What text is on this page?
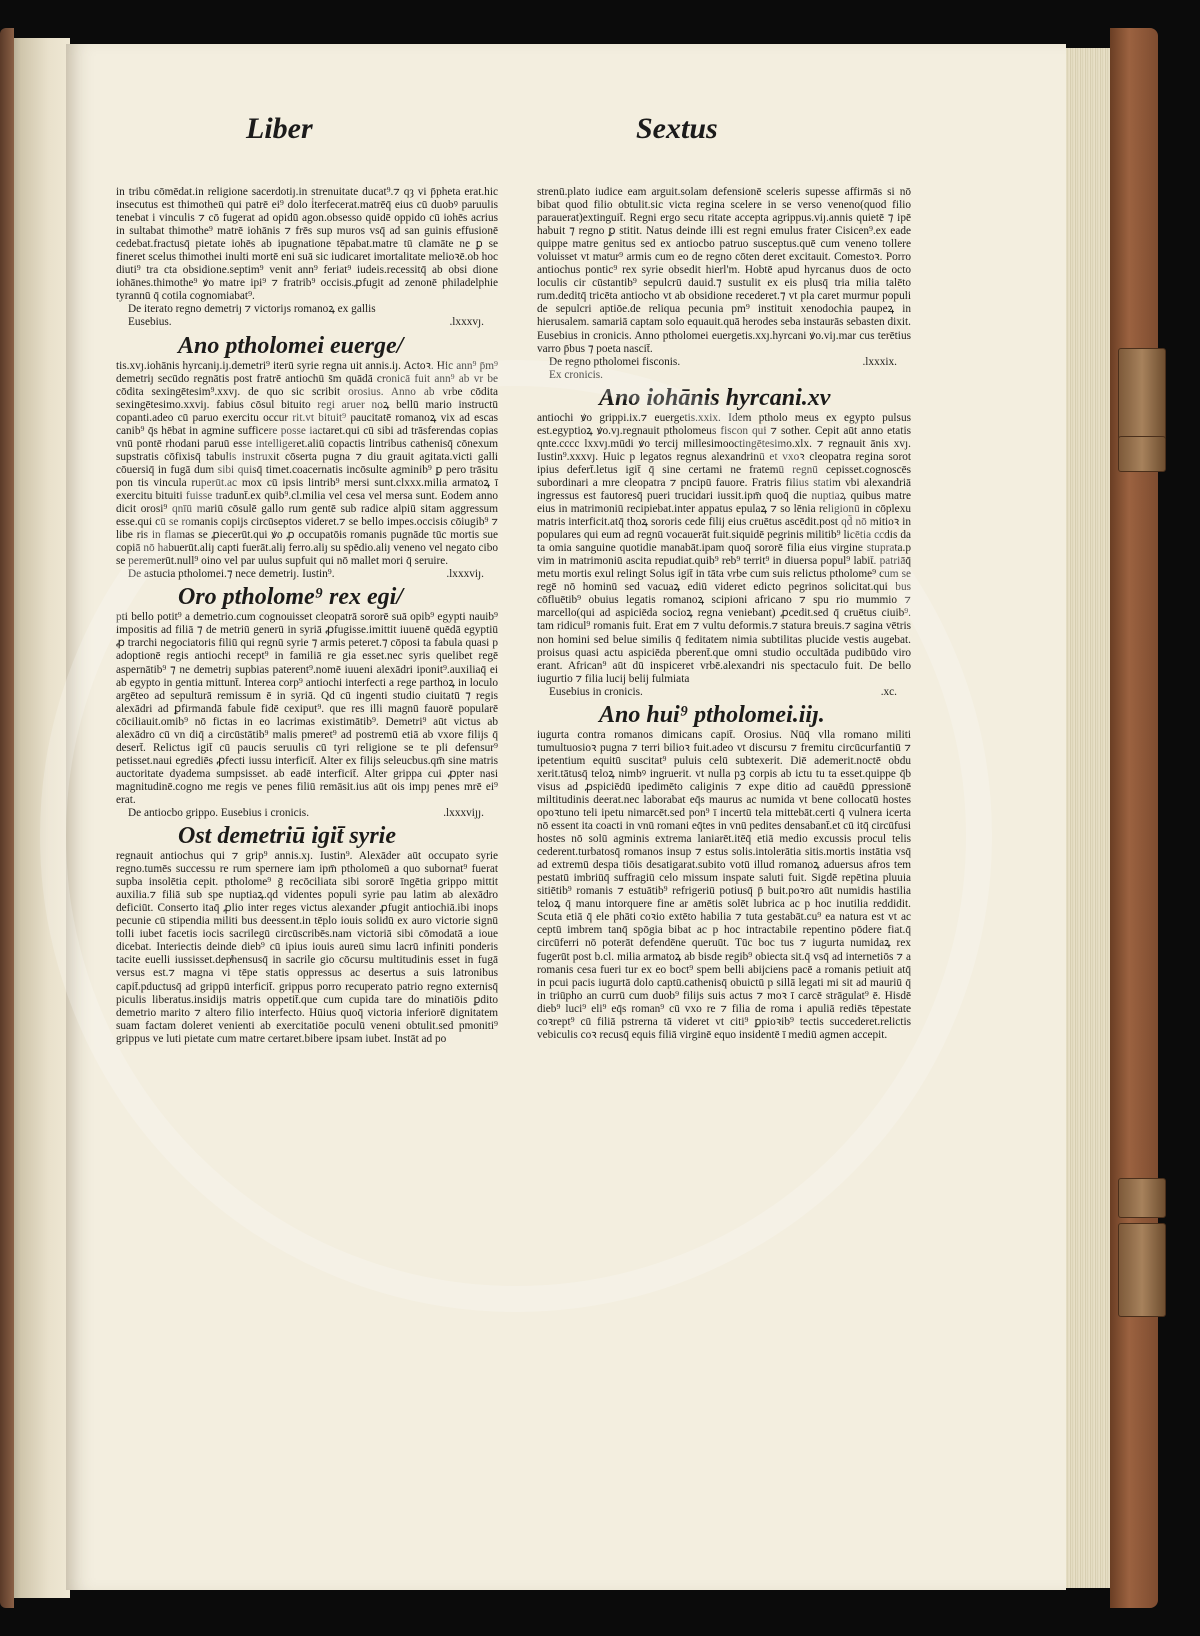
Liber	Sextus

in tribu cōmēdat.in religione sacerdotiȷ.in strenuitate ducat⁹.⁊ qȝ vi p̄pheta erat.hic insecutus est thimotheū qui patrē ei⁹ dolo i̇terfecerat.matrēq̄ eius cū duobꝰ paruulis tenebat i vinculis ⁊ cō fugerat ad opidū agon.obsesso quidē oppido cū iohēs acrius in sultabat thimothe⁹ matrē iohānis ⁊ frēs sup muros vsq̄ ad san guinis effusionē cedebat.fractusq̄ pietate iohēs ab ipugnatione tēpabat.matre tū clamāte ne ꝑ se fineret scelus thimothei inulti mortē eni suā sic iudicaret imortalitate melioꝛē.ob hoc diuti⁹ tra cta obsidione.septim⁹ venit ann⁹ feriat⁹ iudeis.recessitq̄ ab obsi dione iohānes.thimothe⁹ ꝟo matre ipi⁹ ⁊ fratrib⁹ occisis.ꝓfugit ad zenonē philadelphie tyrannū q̄ cotila cognomiabat⁹.

De iterato regno demetriȷ ⁊ victoriȷs romanoꝝ ex gallis
Eusebius.	.lxxxvȷ.
Ano ptholomei euerge/

tis.xvȷ.iohānis hyrcaniȷ.iȷ.demetri⁹ iterū syrie regna uit annis.iȷ. Actoꝛ. Hic ann⁹ p̄m⁹ demetriȷ secūdo regnātis post fratrē antiochū s̄m quādā cronicā fuit ann⁹ ab vr be cōdita sexingētesim⁹.xxvȷ. de quo sic scribit orosius. Anno ab vrbe cōdita sexingētesimo.xxviȷ. fabius cōsul bituito regi aruer noꝝ bellū mario instructū copanti.adeo cū paruo exercitu occur rit.vt bituit⁹ paucitatē romanoꝝ vix ad escas canib⁹ q̄s hēbat in agmine sufficere posse iactaret.qui cū sibi ad trāsferendas copias vnū pontē rhodani paruū esse intelligeret.aliū copactis lintribus cathenisq̄ cōnexum supstratis cōfixisq̄ tabulis instruxit cōserta pugna ⁊ diu grauit agitata.victi galli cōuersiq̄ in fugā dum sibi quisq̄ timet.coacernatis incōsulte agminib⁹ ꝑ pero trāsitu pon tis vincula ruperūt.ac mox cū ipsis lintrib⁹ mersi sunt.clxxx.milia armatoꝝ ī exercitu bituiti fuisse tradunt̄.ex quib⁹.cl.milia vel cesa vel mersa sunt. Eodem anno dicit orosi⁹ qnīū mariū cōsulē gallo rum gentē sub radice alpiū sitam aggressum esse.qui cū se romanis copijs circūseptos videret.⁊ se bello impes.occisis cōiugib⁹ ⁊ libe ris in flamas se ꝓiecerūt.qui ꝟo ꝓ occupatōis romanis pugnāde tūc mortis sue copiā nō habuerūt.aliȷ capti fuerāt.aliȷ ferro.aliȷ su spēdio.aliȷ veneno vel negato cibo se peremerūt.null⁹ oino vel par uulus supfuit qui nō mallet mori q̄ seruire.

De astucia ptholomei.⁊ nece demetriȷ. Iustin⁹.	.lxxxviȷ.
Oro ptholome⁹ rex egi/

pti bello potit⁹ a demetrio.cum cognouisset cleopatrā sororē suā opib⁹ egypti nauib⁹ impositis ad filiā ⁊ de metriū generū in syriā ꝓfugisse.imittit iuuenē quēdā egyptiū ꝓ trarchi negociatoris filiū qui regnū syrie ⁊ armis peteret.⁊ cōposi ta fabula quasi p adoptionē regis antiochi recept⁹ in familiā re gia esset.nec syris quelibet regē aspernātib⁹ ⁊ ne demetriȷ supbias paterent⁹.nomē iuueni alexādri iponit⁹.auxiliaq̄ ei ab egypto in gentia mittunt̄. Interea corp⁹ antiochi interfecti a rege parthoꝝ in loculo argēteo ad sepulturā remissum ē in syriā. Qd cū ingenti studio ciuitatū ⁊ regis alexādri ad ꝑfirmandā fabule fidē cexiput⁹. que res illi magnū fauorē popularē cōciliauit.omib⁹ nō fictas in eo lacrimas existimātib⁹. Demetri⁹ aūt victus ab alexādro cū vn diq̄ a circūstātib⁹ malis pmeret⁹ ad postremū etiā ab vxore filijs q̄ desert̄. Relictus igit̄ cū paucis seruulis cū tyri religione se te pli defensur⁹ petisset.naui egrediēs ꝓfecti iussu interficit̄. Alter ex filijs seleucbus.qm̄ sine matris auctoritate dyadema sumpsisset. ab eadē interficit̄. Alter grippa cui ꝓpter nasi magnitudinē.cogno me regis ve penes filiū remāsit.ius aūt ois impȷ penes mrē ei⁹ erat.

De antiocbo grippo. Eusebius i cronicis.	.lxxxviȷȷ.
Ost demetriū igit̄ syrie

regnauit antiochus qui ⁊ grip⁹ annis.xȷ. Iustin⁹. Alexāder aūt occupato syrie regno.tumēs successu re rum spernere iam ipm̄ ptholomeū a quo subornat⁹ fuerat supba insolētia cepit. ptholome⁹ ḡ recōciliata sibi sororē īngētia grippo mittit auxilia.⁊ filiā sub spe nuptiaꝝ.qd videntes populi syrie pau latim ab alexādro deficiūt. Conserto itaq̄ ꝓlio inter reges victus alexander ꝓfugit antiochiā.ibi inops pecunie cū stipendia militi bus deessent.in tēplo iouis solidū ex auro victorie signū tolli iubet facetis iocis sacrilegū circūscribēs.nam victoriā sibi cōmodatā a ioue dicebat. Interiectis deinde dieb⁹ cū ipius iouis aureū simu lacrū infiniti ponderis tacite euelli iussisset.depͥhensusq̄ in sacrile gio cōcursu multitudinis esset in fugā versus est.⁊ magna vi tēpe statis oppressus ac desertus a suis latronibus capit̄.pductusq̄ ad grippū interficit̄. grippus porro recuperato patrio regno externisq̄ piculis liberatus.insidijs matris oppetit̄.que cum cupida tare do minatiōis ꝑdito demetrio marito ⁊ altero filio interfecto. Hūius quoq̄ victoria inferiorē dignitatem suam factam doleret venienti ab exercitatiōe poculū veneni obtulit.sed pmoniti⁹ grippus ve luti pietate cum matre certaret.bibere ipsam iubet. Instāt ad po

strenū.plato iudice eam arguit.solam defensionē sceleris supesse affirmās si nō bibat quod filio obtulit.sic victa regina scelere in se verso veneno(quod filio parauerat)extinguit̄. Regni ergo secu ritate accepta agrippus.viȷ.annis quietē ⁊ ipē habuit ⁊ regno ꝑ stitit. Natus deinde illi est regni emulus frater Cisicen⁹.ex eade quippe matre genitus sed ex antiocbo patruo susceptus.quē cum veneno tollere voluisset vt matur⁹ armis cum eo de regno cōten deret excitauit. Comestoꝛ. Porro antiochus pontic⁹ rex syrie obsedit hierl'm. Hobtē apud hyrcanus duos de octo loculis cir cūstantib⁹ sepulcrū dauid.⁊ sustulit ex eis plusq̄ tria milia talēto rum.deditq̄ tricēta antiocho vt ab obsidione recederet.⁊ vt pla caret murmur populi de sepulcri aptiōe.de reliqua pecunia pm⁹ instituit xenodochia paupeꝝ in hierusalem. samariā captam solo equauit.quā herodes seba instaurās sebasten dixit. Eusebius in cronicis. Anno ptholomei euergetis.xxȷ.hyrcani ꝟo.viȷ.mar cus terētius varro p̄bus ⁊ poeta nascit̄.

De regno ptholomei fisconis.	.lxxxix.
Ex cronicis.
Ano iohānis hyrcani.xv

antiochi ꝟo grippi.ix.⁊ euergetis.xxix. Idem ptholo meus ex egypto pulsus est.egyptioꝝ ꝟo.vȷ.regnauit ptholomeus fiscon qui ⁊ sother. Cepit aūt anno etatis qnte.cccc lxxvȷ.mūdi ꝟo tercij millesimooctingētesimo.xlx. ⁊ regnauit ānis xvȷ. Iustin⁹.xxxvȷ. Huic p legatos regnus alexandrinū et vxoꝛ cleopatra regina sorot ipius defert̄.letus igit̄ q̄ sine certami ne fratemū regnū cepisset.cognoscēs subordinari a mre cleopatra ⁊ pncipū fauore. Fratris filius statim vbi alexandriā ingressus est fautoresq̄ pueri trucidari iussit.ipm̄ quoq̄ die nuptiaꝝ quibus matre eius in matrimoniū recipiebat.inter appatus epulaꝝ ⁊ so lēnia religionū in cōplexu matris interficit.atq̄ thoꝝ sororis cede filij eius cruētus ascēdit.post qd̄ nō mitioꝛ in populares qui eum ad regnū vocauerāt fuit.siquidē pegrinis militib⁹ licētia ccdis da ta omia sanguine quotidie manabāt.ipam quoq̄ sororē filia eius virgine stuprata.p vim in matrimoniū ascita repudiat.quib⁹ reb⁹ territ⁹ in diuersa popul⁹ labit̄. patriāq̄ metu mortis exul relingt Solus igit̄ in tāta vrbe cum suis relictus ptholome⁹ cum se regē nō hominū sed vacuaꝝ ediū videret edicto pegrinos solicitat.qui bus cōfluētib⁹ obuius legatis romanoꝝ scipioni africano ⁊ spu rio mummio ⁊ marcello(qui ad aspiciēda socioꝝ regna veniebant) ꝓcedit.sed q̄ cruētus ciuib⁹. tam ridicul⁹ romanis fuit. Erat em ⁊ vultu deformis.⁊ statura breuis.⁊ sagina vētris non homini sed belue similis q̄ feditatem nimia subtilitas plucide vestis augebat. proisus quasi actu aspiciēda pberent̄.que omni studio occultāda pudibūdo viro erant. African⁹ aūt dū inspiceret vrbē.alexandri nis spectaculo fuit. De bello iugurtio ⁊ filia lucij belij fulmiata

Eusebius in cronicis.	.xc.
Ano hui⁹ ptholomei.iiȷ.

iugurta contra romanos dimicans capit̄. Orosius. Nūq̄ vlla romano militi tumultuosioꝛ pugna ⁊ terri bilioꝛ fuit.adeo vt discursu ⁊ fremitu circūcurfantiū ⁊ ipetentium equitū suscitat⁹ puluis celū subtexerit. Diē ademerit.noctē obdu xerit.tātusq̄ teloꝝ nimbꝰ ingruerit. vt nulla pꝫ corpis ab ictu tu ta esset.quippe q̄b visus ad ꝓspiciēdū ipedimēto caliginis ⁊ expe ditio ad cauēdū ꝑpressionē miltitudinis deerat.nec laborabat eq̄s maurus ac numida vt bene collocatū hostes opoꝛtuno teli ipetu nimarcēt.sed pon⁹ ī incertū tela mittebāt.certi q̄ vulnera icerta nō essent ita coacti in vnū romani eq̄tes in vnū pedites densabant̄.et cū itq̄ circūfusi hostes nō solū agminis extrema laniarēt.itēq̄ etiā medio excussis procul telis cederent.turbatosq̄ romanos insup ⁊ estus solis.intolerātia sitis.mortis instātia vsq̄ ad extremū despa tiōis desatigarat.subito votū illud romanoꝝ aduersus afros tem pestatū imbriūq̄ suffragiū celo missum inspate saluti fuit. Sigdē repētina pluuia sitiētib⁹ romanis ⁊ estuātib⁹ refrigeriū potiusq̄ p̄ buit.poꝛro aūt numidis hastilia teloꝝ q̄ manu intorquere fine ar amētis solēt lubrica ac p hoc inutilia reddidit. Scuta etiā q̄ ele phāti coꝛio extēto habilia ⁊ tuta gestabāt.cu⁹ ea natura est vt ac ceptū imbrem tanq̄ spōgia bibat ac p hoc intractabile repentino pōdere fiat.q̄ circūferri nō poterāt defendēne queruūt. Tūc boc tus ⁊ iugurta numidaꝝ rex fugerūt post b.cl. milia armatoꝝ ab bisde regib⁹ obiecta sit.q̄ vsq̄ ad internetiōs ⁊ a romanis cesa fueri tur ex eo boct⁹ spem belli abijciens pacē a romanis petiuit atq̄ in pcui pacis iugurtā dolo captū.cathenisq̄ obuictū p sillā legati mi sit ad mauriū q̄ in triūpho an currū cum duob⁹ filijs suis actus ⁊ moꝛ ī carcē strāgulat⁹ ē. Hisdē dieb⁹ luci⁹ eli⁹ eq̄s roman⁹ cū vxo re ⁊ filia de roma i apuliā rediēs tēpestate coꝛrept⁹ cū filiā pstrerna tā videret vt citi⁹ ꝑpioꝛib⁹ tectis succederet.relictis vebiculis coꝛ recusq̄ equis filiā virginē equo insidentē ī mediū agmen accepit.
